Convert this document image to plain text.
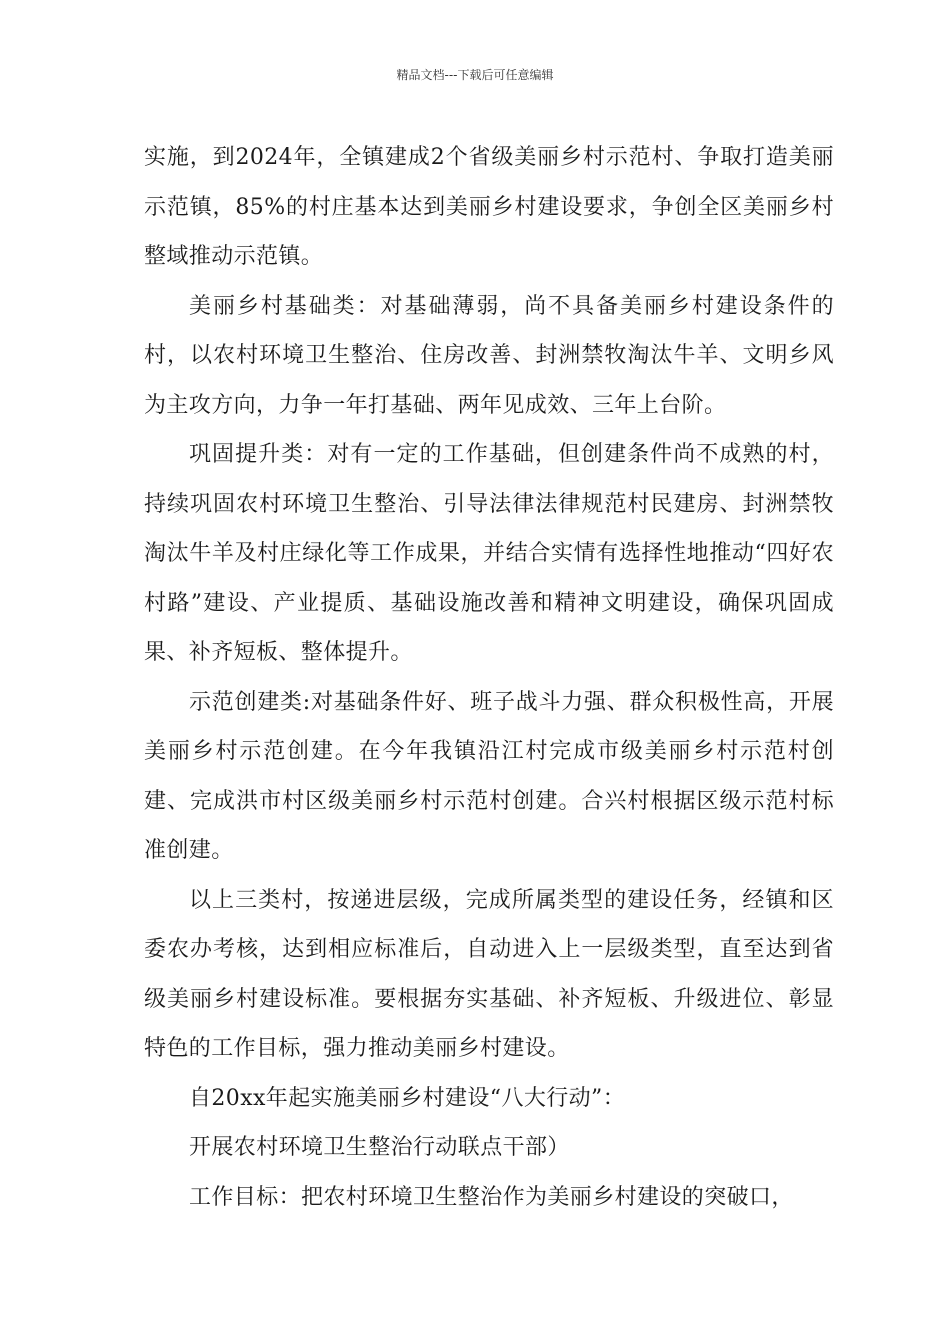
精品文档---下载后可任意编辑

实施，到2024年，全镇建成2个省级美丽乡村示范村、争取打造美丽示范镇，85%的村庄基本达到美丽乡村建设要求，争创全区美丽乡村整域推动示范镇。

美丽乡村基础类：对基础薄弱，尚不具备美丽乡村建设条件的村，以农村环境卫生整治、住房改善、封洲禁牧淘汰牛羊、文明乡风为主攻方向，力争一年打基础、两年见成效、三年上台阶。

巩固提升类：对有一定的工作基础，但创建条件尚不成熟的村，持续巩固农村环境卫生整治、引导法律法律规范村民建房、封洲禁牧淘汰牛羊及村庄绿化等工作成果，并结合实情有选择性地推动“四好农村路”建设、产业提质、基础设施改善和精神文明建设，确保巩固成果、补齐短板、整体提升。

示范创建类:对基础条件好、班子战斗力强、群众积极性高，开展美丽乡村示范创建。在今年我镇沿江村完成市级美丽乡村示范村创建、完成洪市村区级美丽乡村示范村创建。合兴村根据区级示范村标准创建。

以上三类村，按递进层级，完成所属类型的建设任务，经镇和区委农办考核，达到相应标准后，自动进入上一层级类型，直至达到省级美丽乡村建设标准。要根据夯实基础、补齐短板、升级进位、彰显特色的工作目标，强力推动美丽乡村建设。

自20xx年起实施美丽乡村建设“八大行动”：

开展农村环境卫生整治行动联点干部）

工作目标：把农村环境卫生整治作为美丽乡村建设的突破口，
